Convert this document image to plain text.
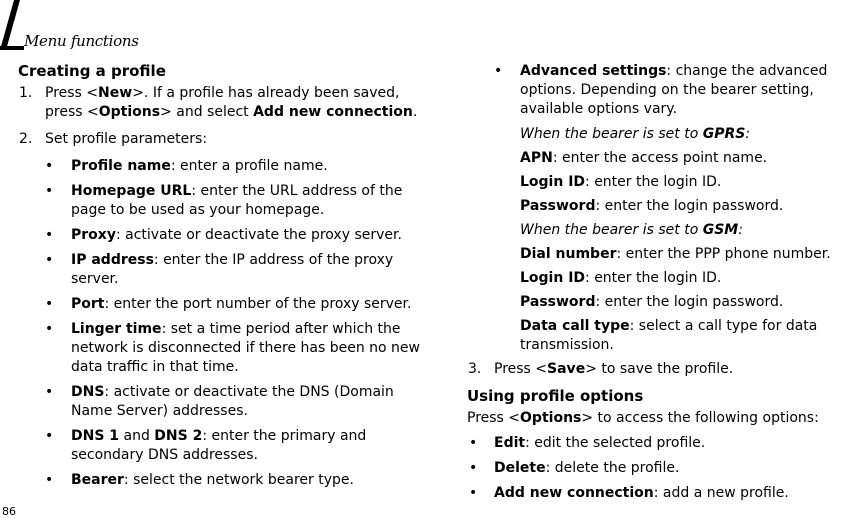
Menu functions
Creating a profile
1. Press <New>. If a profile has already been saved, press <Options> and select Add new connection.
2. Set profile parameters:
• Profile name: enter a profile name.
• Homepage URL: enter the URL address of the page to be used as your homepage.
• Proxy: activate or deactivate the proxy server.
• IP address: enter the IP address of the proxy server.
• Port: enter the port number of the proxy server.
• Linger time: set a time period after which the network is disconnected if there has been no new data traffic in that time.
• DNS: activate or deactivate the DNS (Domain Name Server) addresses.
• DNS 1 and DNS 2: enter the primary and secondary DNS addresses.
• Bearer: select the network bearer type.
• Advanced settings: change the advanced options. Depending on the bearer setting, available options vary.
When the bearer is set to GPRS:
APN: enter the access point name.
Login ID: enter the login ID.
Password: enter the login password.
When the bearer is set to GSM:
Dial number: enter the PPP phone number.
Login ID: enter the login ID.
Password: enter the login password.
Data call type: select a call type for data transmission.
3. Press <Save> to save the profile.
Using profile options
Press <Options> to access the following options:
• Edit: edit the selected profile.
• Delete: delete the profile.
• Add new connection: add a new profile.
86
